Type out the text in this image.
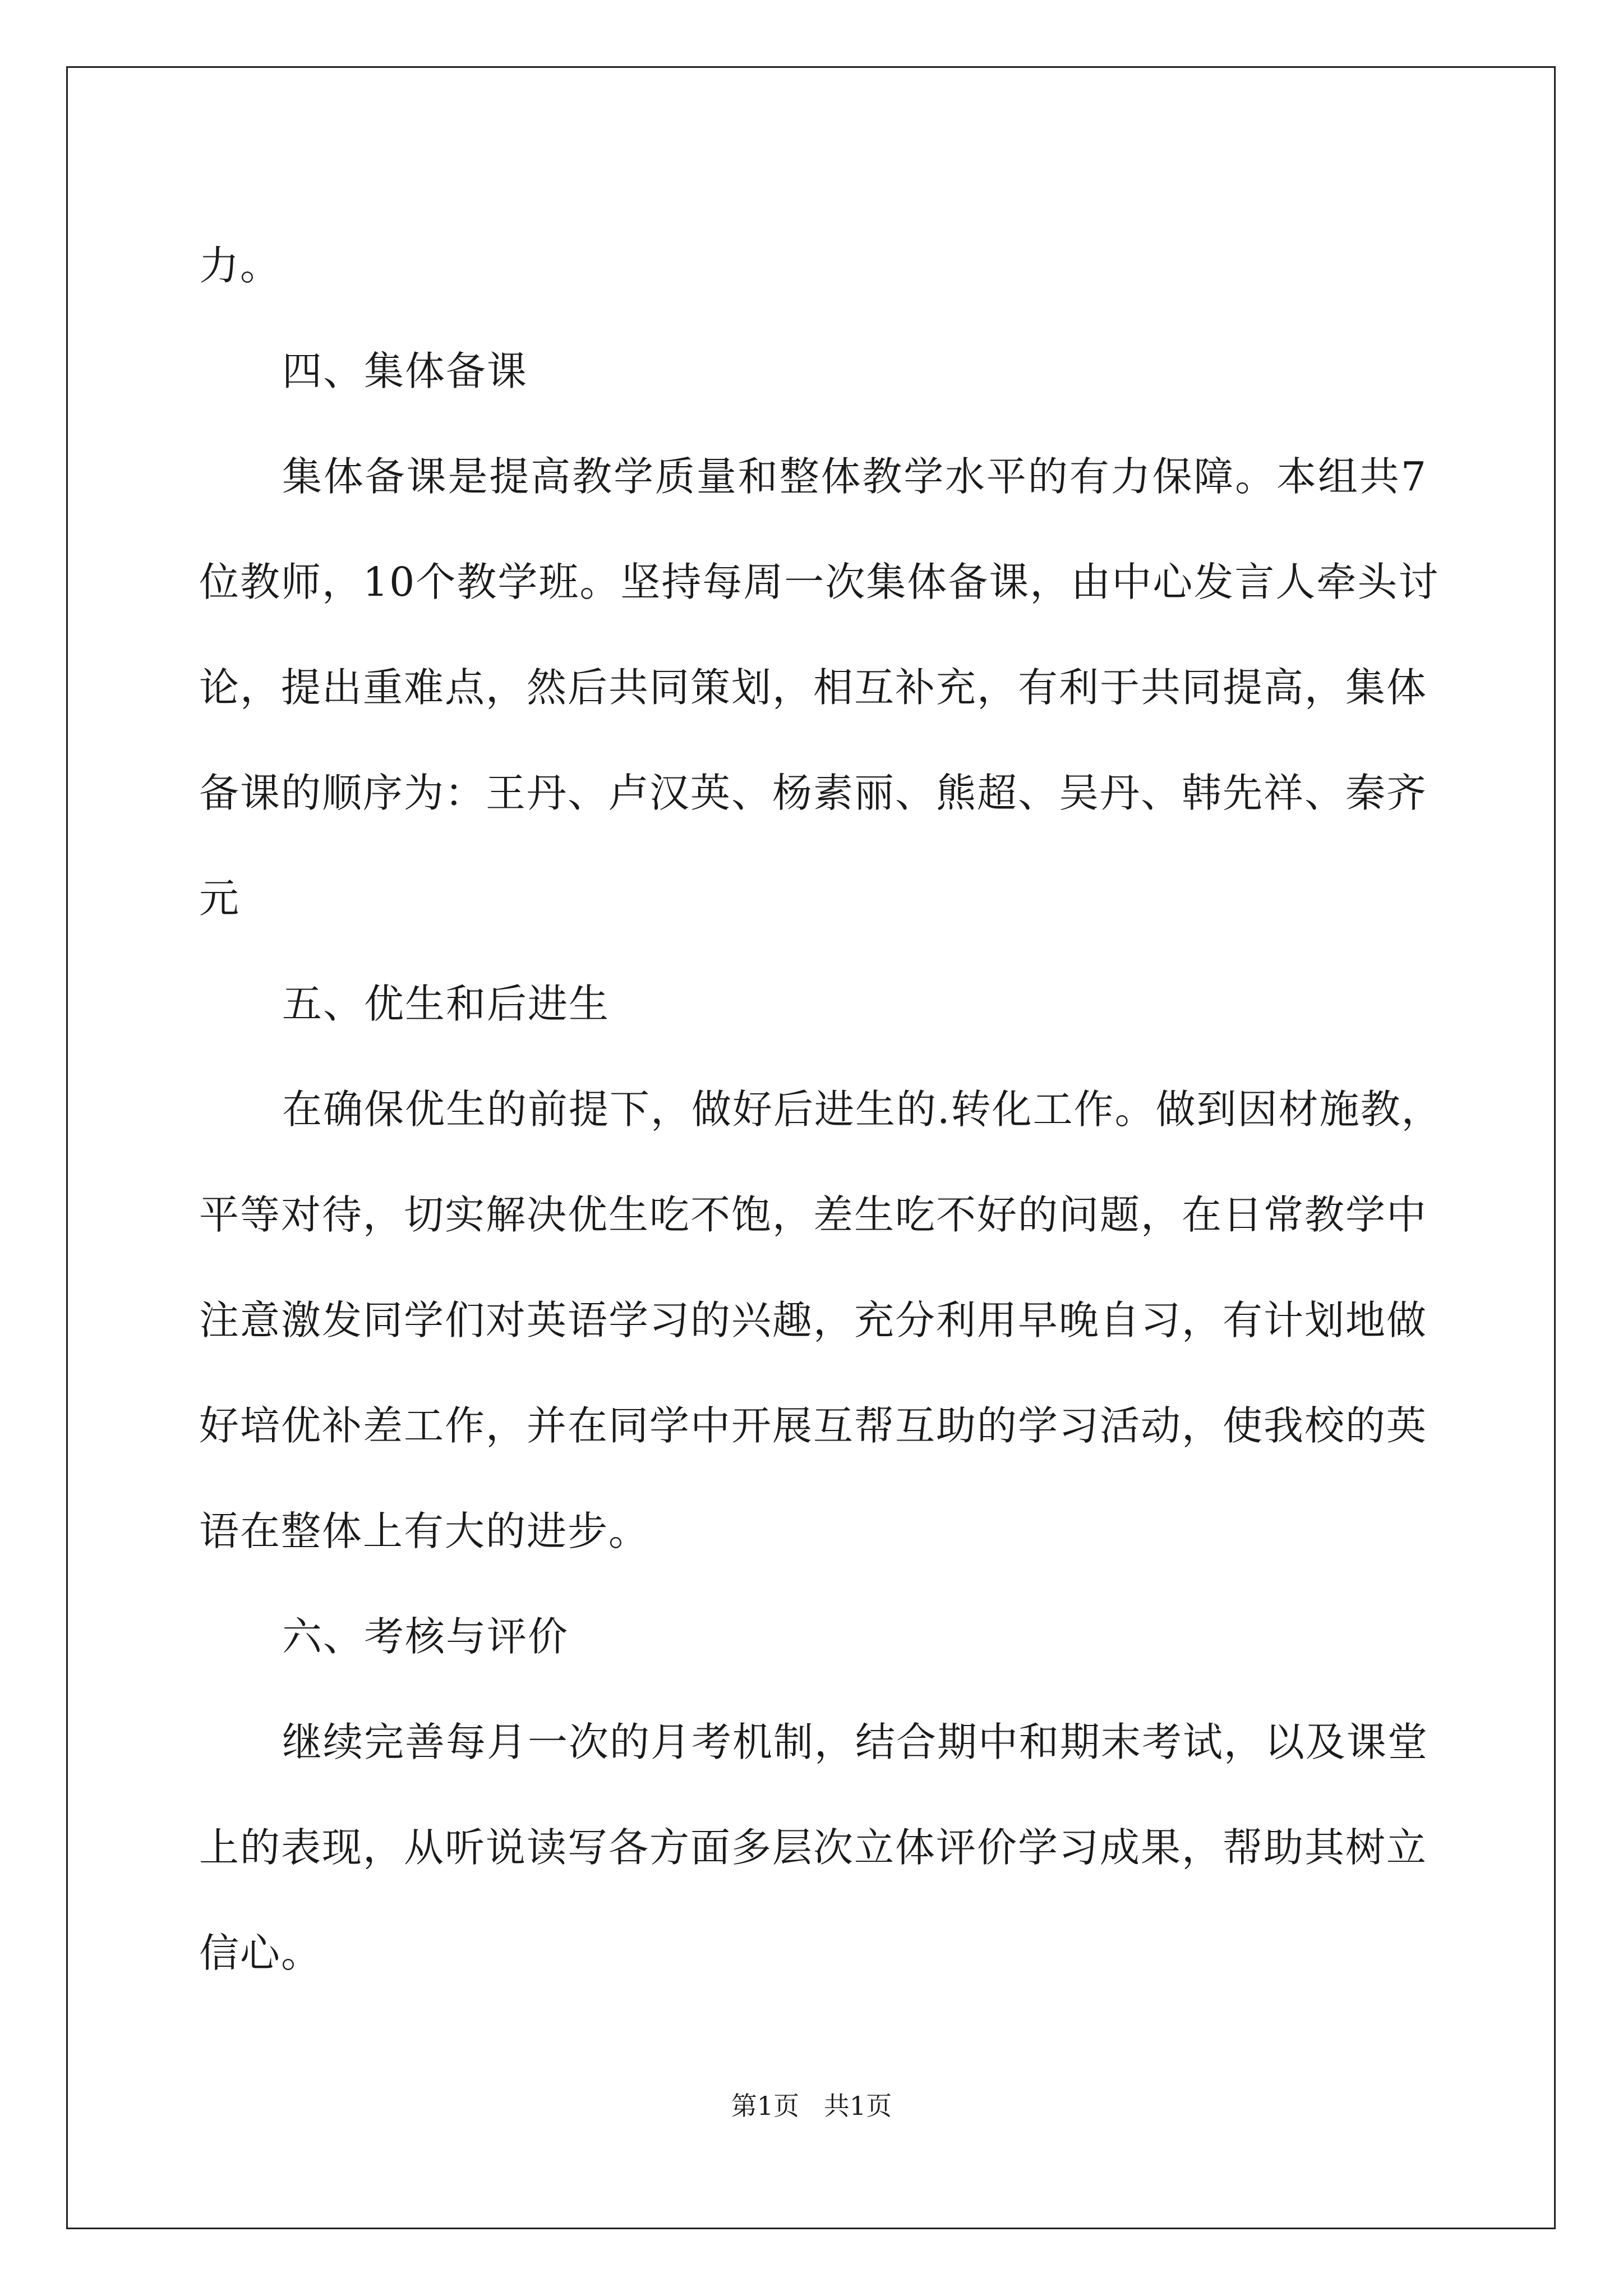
力。
四、集体备课
集体备课是提高教学质量和整体教学水平的有力保障。本组共7
位教师，10个教学班。坚持每周一次集体备课，由中心发言人牵头讨
论，提出重难点，然后共同策划，相互补充，有利于共同提高，集体
备课的顺序为：王丹、卢汉英、杨素丽、熊超、吴丹、韩先祥、秦齐
元
五、优生和后进生
在确保优生的前提下，做好后进生的.转化工作。做到因材施教，
平等对待，切实解决优生吃不饱，差生吃不好的问题，在日常教学中
注意激发同学们对英语学习的兴趣，充分利用早晚自习，有计划地做
好培优补差工作，并在同学中开展互帮互助的学习活动，使我校的英
语在整体上有大的进步。
六、考核与评价
继续完善每月一次的月考机制，结合期中和期末考试，以及课堂
上的表现，从听说读写各方面多层次立体评价学习成果，帮助其树立
信心。
第1页   共1页
